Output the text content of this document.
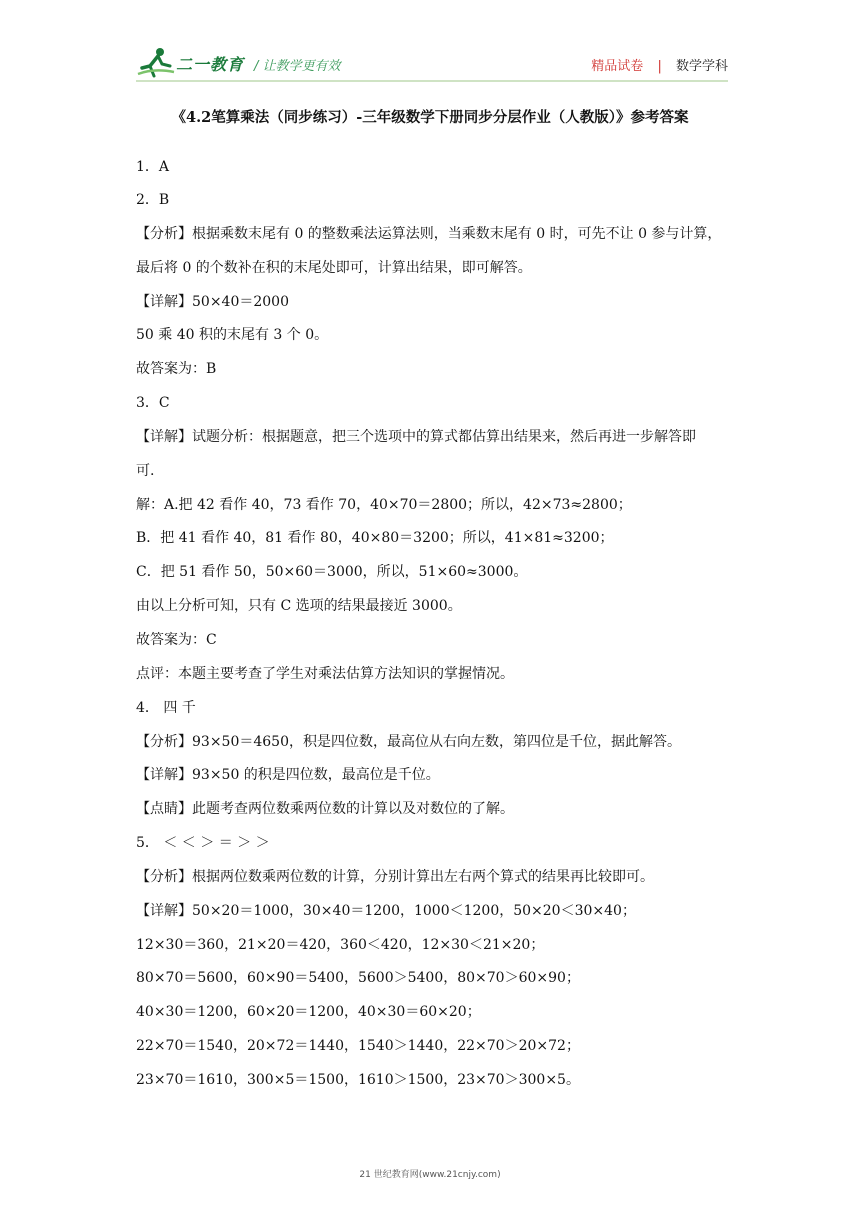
二一教育 / 让教学更有效	精品试卷 | 数学学科
《4.2笔算乘法（同步练习）-三年级数学下册同步分层作业（人教版）》参考答案
1．A
2．B
【分析】根据乘数末尾有 0 的整数乘法运算法则，当乘数末尾有 0 时，可先不让 0 参与计算，
最后将 0 的个数补在积的末尾处即可，计算出结果，即可解答。
【详解】50×40＝2000
50 乘 40 积的末尾有 3 个 0。
故答案为：B
3．C
【详解】试题分析：根据题意，把三个选项中的算式都估算出结果来，然后再进一步解答即
可.
解：A.把 42 看作 40，73 看作 70，40×70＝2800；所以，42×73≈2800；
B．把 41 看作 40，81 看作 80，40×80＝3200；所以，41×81≈3200；
C．把 51 看作 50，50×60＝3000，所以，51×60≈3000。
由以上分析可知，只有 C 选项的结果最接近 3000。
故答案为：C
点评：本题主要考查了学生对乘法估算方法知识的掌握情况。
4． 四 千
【分析】93×50＝4650，积是四位数，最高位从右向左数，第四位是千位，据此解答。
【详解】93×50 的积是四位数，最高位是千位。
【点睛】此题考查两位数乘两位数的计算以及对数位的了解。
5． ＜ ＜ ＞ ＝ ＞ ＞
【分析】根据两位数乘两位数的计算，分别计算出左右两个算式的结果再比较即可。
【详解】50×20＝1000，30×40＝1200，1000＜1200，50×20＜30×40；
12×30＝360，21×20＝420，360＜420，12×30＜21×20；
80×70＝5600，60×90＝5400，5600＞5400，80×70＞60×90；
40×30＝1200，60×20＝1200，40×30＝60×20；
22×70＝1540，20×72＝1440，1540＞1440，22×70＞20×72；
23×70＝1610，300×5＝1500，1610＞1500，23×70＞300×5。
21 世纪教育网(www.21cnjy.com)
